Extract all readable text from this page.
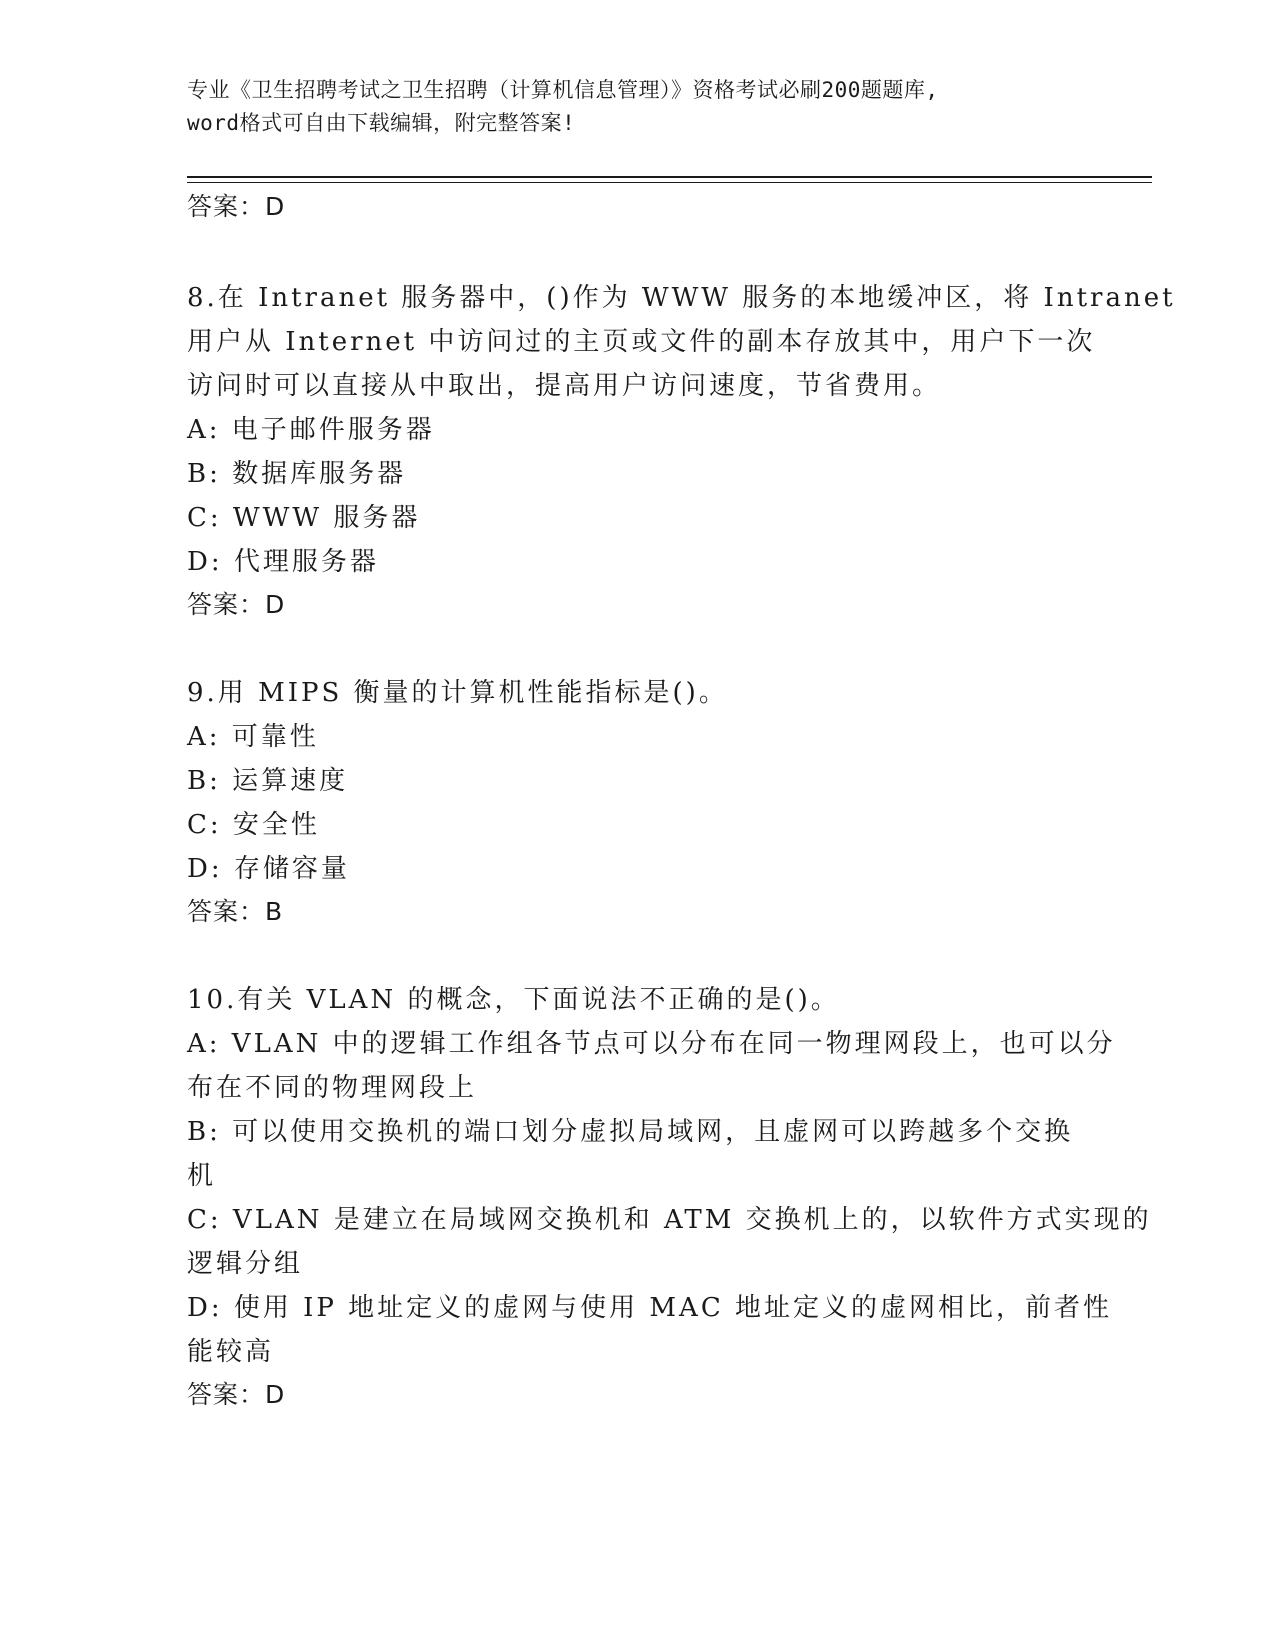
专业《卫生招聘考试之卫生招聘（计算机信息管理）》资格考试必刷200题题库,
word格式可自由下载编辑，附完整答案!
答案：D
8.在 Intranet 服务器中，()作为 WWW 服务的本地缓冲区，将 Intranet
用户从 Internet 中访问过的主页或文件的副本存放其中，用户下一次
访问时可以直接从中取出，提高用户访问速度，节省费用。
A: 电子邮件服务器
B: 数据库服务器
C: WWW 服务器
D: 代理服务器
答案：D
9.用 MIPS 衡量的计算机性能指标是()。
A: 可靠性
B: 运算速度
C: 安全性
D: 存储容量
答案：B
10.有关 VLAN 的概念，下面说法不正确的是()。
A: VLAN 中的逻辑工作组各节点可以分布在同一物理网段上，也可以分
布在不同的物理网段上
B: 可以使用交换机的端口划分虚拟局域网，且虚网可以跨越多个交换
机
C: VLAN 是建立在局域网交换机和 ATM 交换机上的，以软件方式实现的
逻辑分组
D: 使用 IP 地址定义的虚网与使用 MAC 地址定义的虚网相比，前者性
能较高
答案：D
